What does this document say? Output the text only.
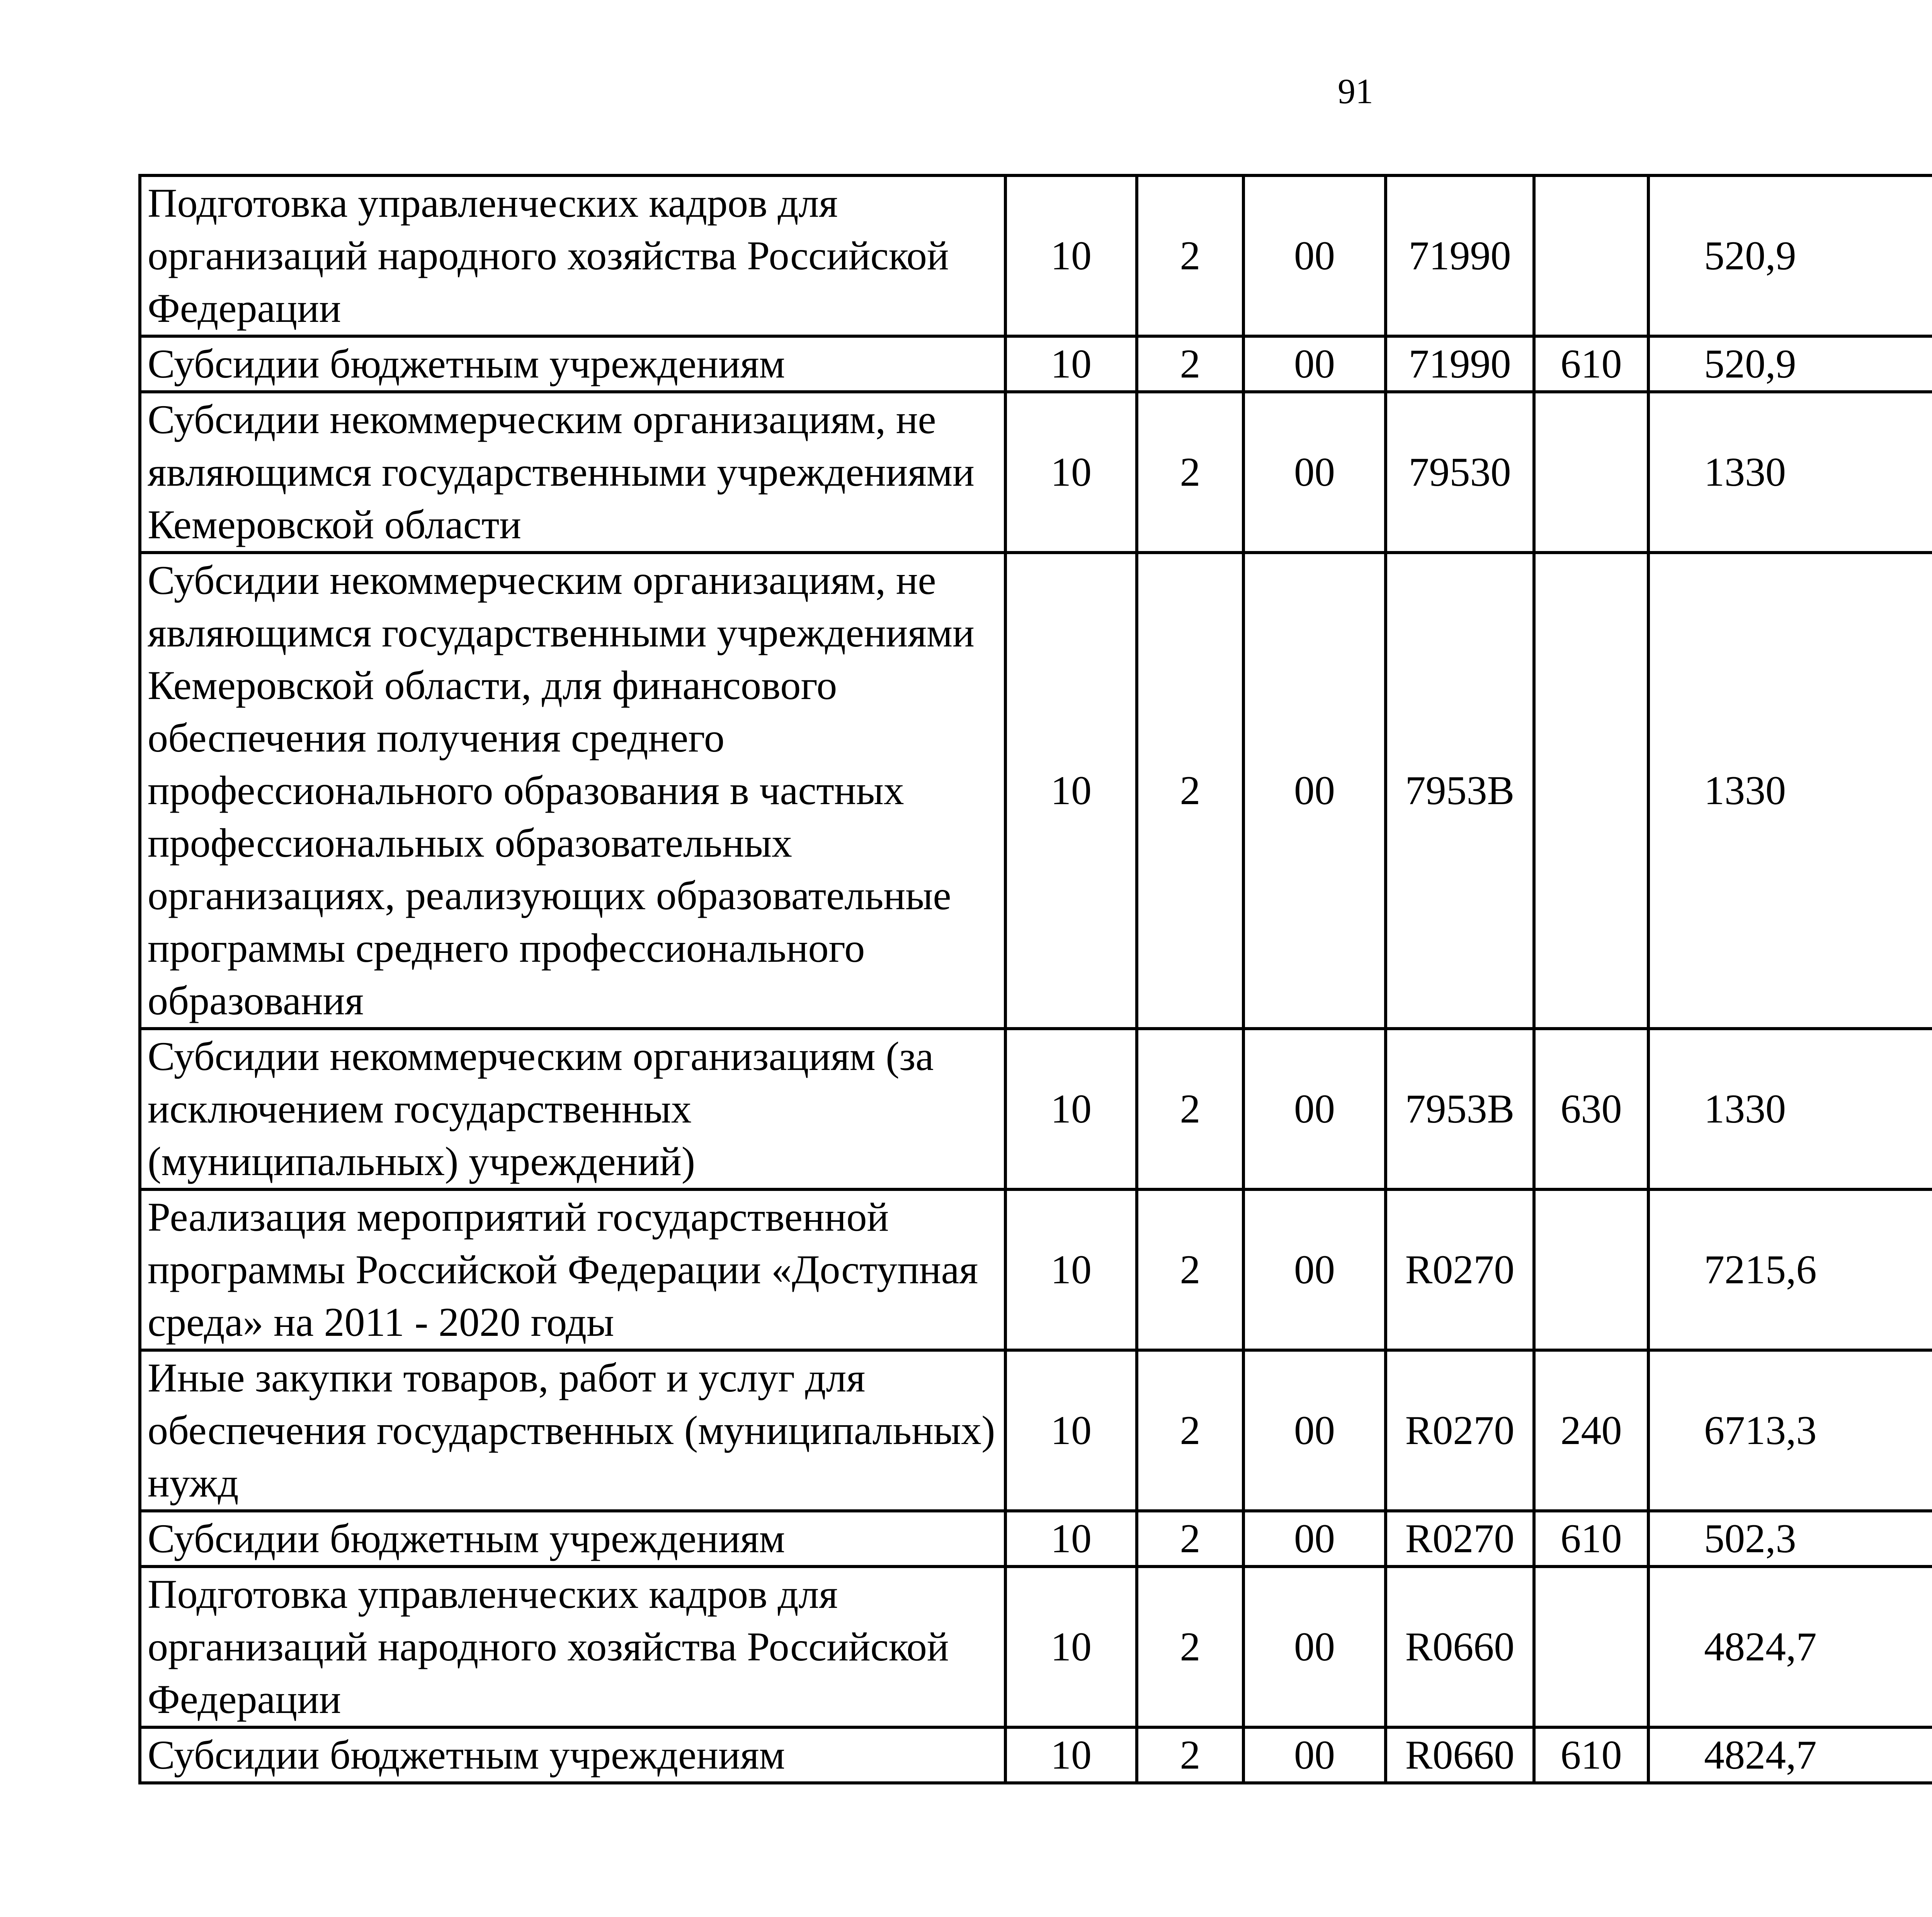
91
Подготовка управленческих кадров для организаций народного хозяйства Российской Федерации	10	2	00	71990		520,9		
Субсидии бюджетным учреждениям	10	2	00	71990	610	520,9		
Субсидии некоммерческим организациям, не являющимся государственными учреждениями Кемеровской области	10	2	00	79530		1330		
Субсидии некоммерческим организациям, не являющимся государственными учреждениями Кемеровской области, для финансового обеспечения получения среднего профессионального образования в частных профессиональных образовательных организациях, реализующих образовательные программы среднего профессионального образования	10	2	00	7953B		1330		
Субсидии некоммерческим организациям (за исключением государственных (муниципальных) учреждений)	10	2	00	7953B	630	1330		
Реализация мероприятий государственной программы Российской Федерации «Доступная среда» на 2011 - 2020 годы	10	2	00	R0270		7215,6		
Иные закупки товаров, работ и услуг для обеспечения государственных (муниципальных) нужд	10	2	00	R0270	240	6713,3		
Субсидии бюджетным учреждениям	10	2	00	R0270	610	502,3		
Подготовка управленческих кадров для организаций народного хозяйства Российской Федерации	10	2	00	R0660		4824,7		
Субсидии бюджетным учреждениям	10	2	00	R0660	610	4824,7		
